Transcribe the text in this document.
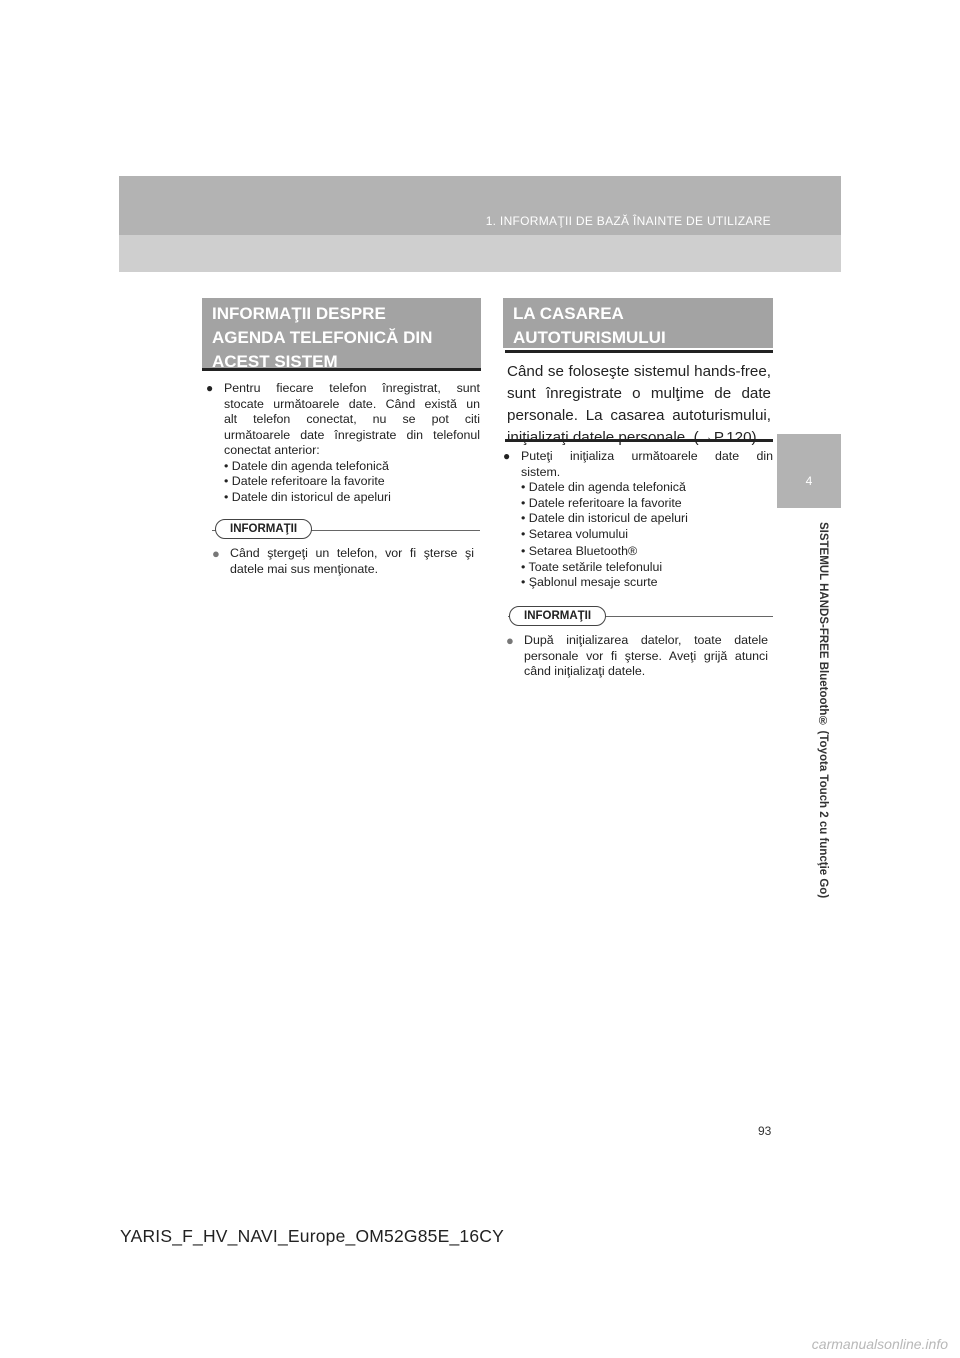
1. INFORMAŢII DE BAZĂ ÎNAINTE DE UTILIZARE
4
SISTEMUL HANDS-FREE Bluetooth® (Toyota Touch 2 cu funcţie Go)
INFORMAŢII DESPRE
AGENDA TELEFONICĂ DIN
ACEST SISTEM
● Pentru fiecare telefon înregistrat, sunt
stocate următoarele date. Când există un
alt telefon conectat, nu se pot citi
următoarele date înregistrate din telefonul
conectat anterior:
• Datele din agenda telefonică
• Datele referitoare la favorite
• Datele din istoricul de apeluri
INFORMAŢII
● Când ştergeţi un telefon, vor fi şterse şi
datele mai sus menţionate.
LA CASAREA
AUTOTURISMULUI
Când se foloseşte sistemul hands-free,
sunt înregistrate o mulţime de date
personale. La casarea autoturismului,
iniţializaţi datele personale. (→P.120)
● Puteţi iniţializa următoarele date din
sistem.
• Datele din agenda telefonică
• Datele referitoare la favorite
• Datele din istoricul de apeluri
• Setarea volumului
• Setarea Bluetooth®
• Toate setările telefonului
• Şablonul mesaje scurte
INFORMAŢII
● După iniţializarea datelor, toate datele
personale vor fi şterse. Aveţi grijă atunci
când iniţializaţi datele.
93
YARIS_F_HV_NAVI_Europe_OM52G85E_16CY
carmanualsonline.info
